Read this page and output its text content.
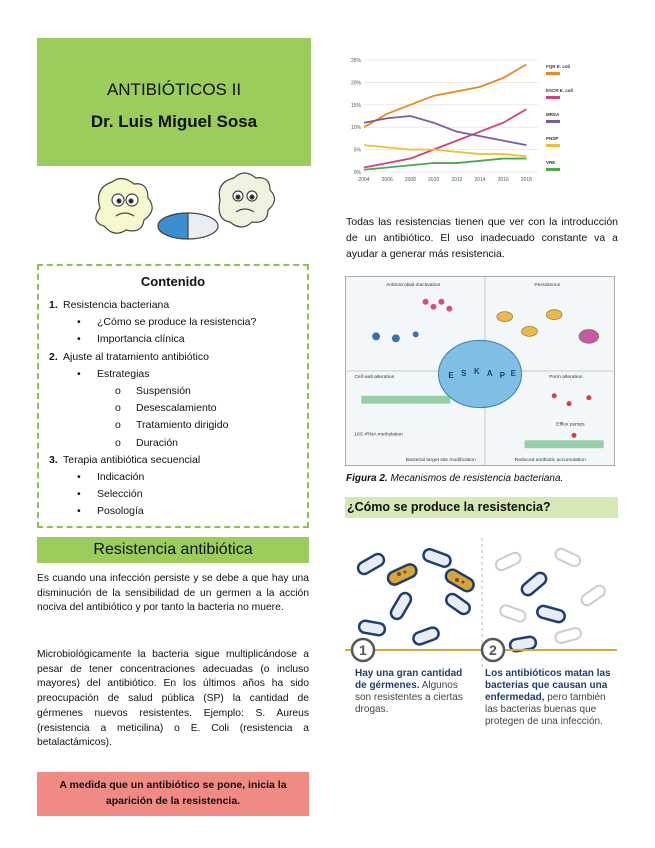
ANTIBIÓTICOS II
Dr. Luis Miguel Sosa
Contenido
1. Resistencia bacteriana
• ¿Cómo se produce la resistencia?
• Importancia clínica
2. Ajuste al tratamiento antibiótico
• Estrategias
o Suspensión
o Desescalamiento
o Tratamiento dirigido
o Duración
3. Terapia antibiótica secuencial
• Indicación
• Selección
• Posología
Resistencia antibiótica

Es cuando una infección persiste y se debe a que hay una disminución de la sensibilidad de un germen a la acción nociva del antibiótico y por tanto la bacteria no muere.

Microbiológicamente la bacteria sigue multiplicándose a pesar de tener concentraciones adecuadas (o incluso mayores) del antibiótico. En los últimos años ha sido preocupación de salud pública (SP) la cantidad de gérmenes nuevos resistentes. Ejemplo: S. Aureus (resistencia a meticilina) o E. Coli (resistencia a betalactámicos).

A medida que un antibiótico se pone, inicia la aparición de la resistencia.
0%
5%
10%
15%
20%
25%
2004 2006 2008 2010 2012 2014 2016 2018
FQR E. coli
ESCR E. coli
MRSA
PNSP
VRE

Todas las resistencias tienen que ver con la introducción de un antibiótico. El uso inadecuado constante va a ayudar a generar más resistencia.

Antimicrobial inactivation	Persistence
Cell wall alteration	Porin alteration
16S rRNA methylation
Efflux pumps
Bacterial target site modification	Reduced antibiotic accumulation
E S K A P E
Figura 2. Mecanismos de resistencia bacteriana.
¿Cómo se produce la resistencia?
1	2
Hay una gran cantidad de gérmenes. Algunos son resistentes a ciertas drogas.
Los antibióticos matan las bacterias que causan una enfermedad, pero también las bacterias buenas que protegen de una infección.
